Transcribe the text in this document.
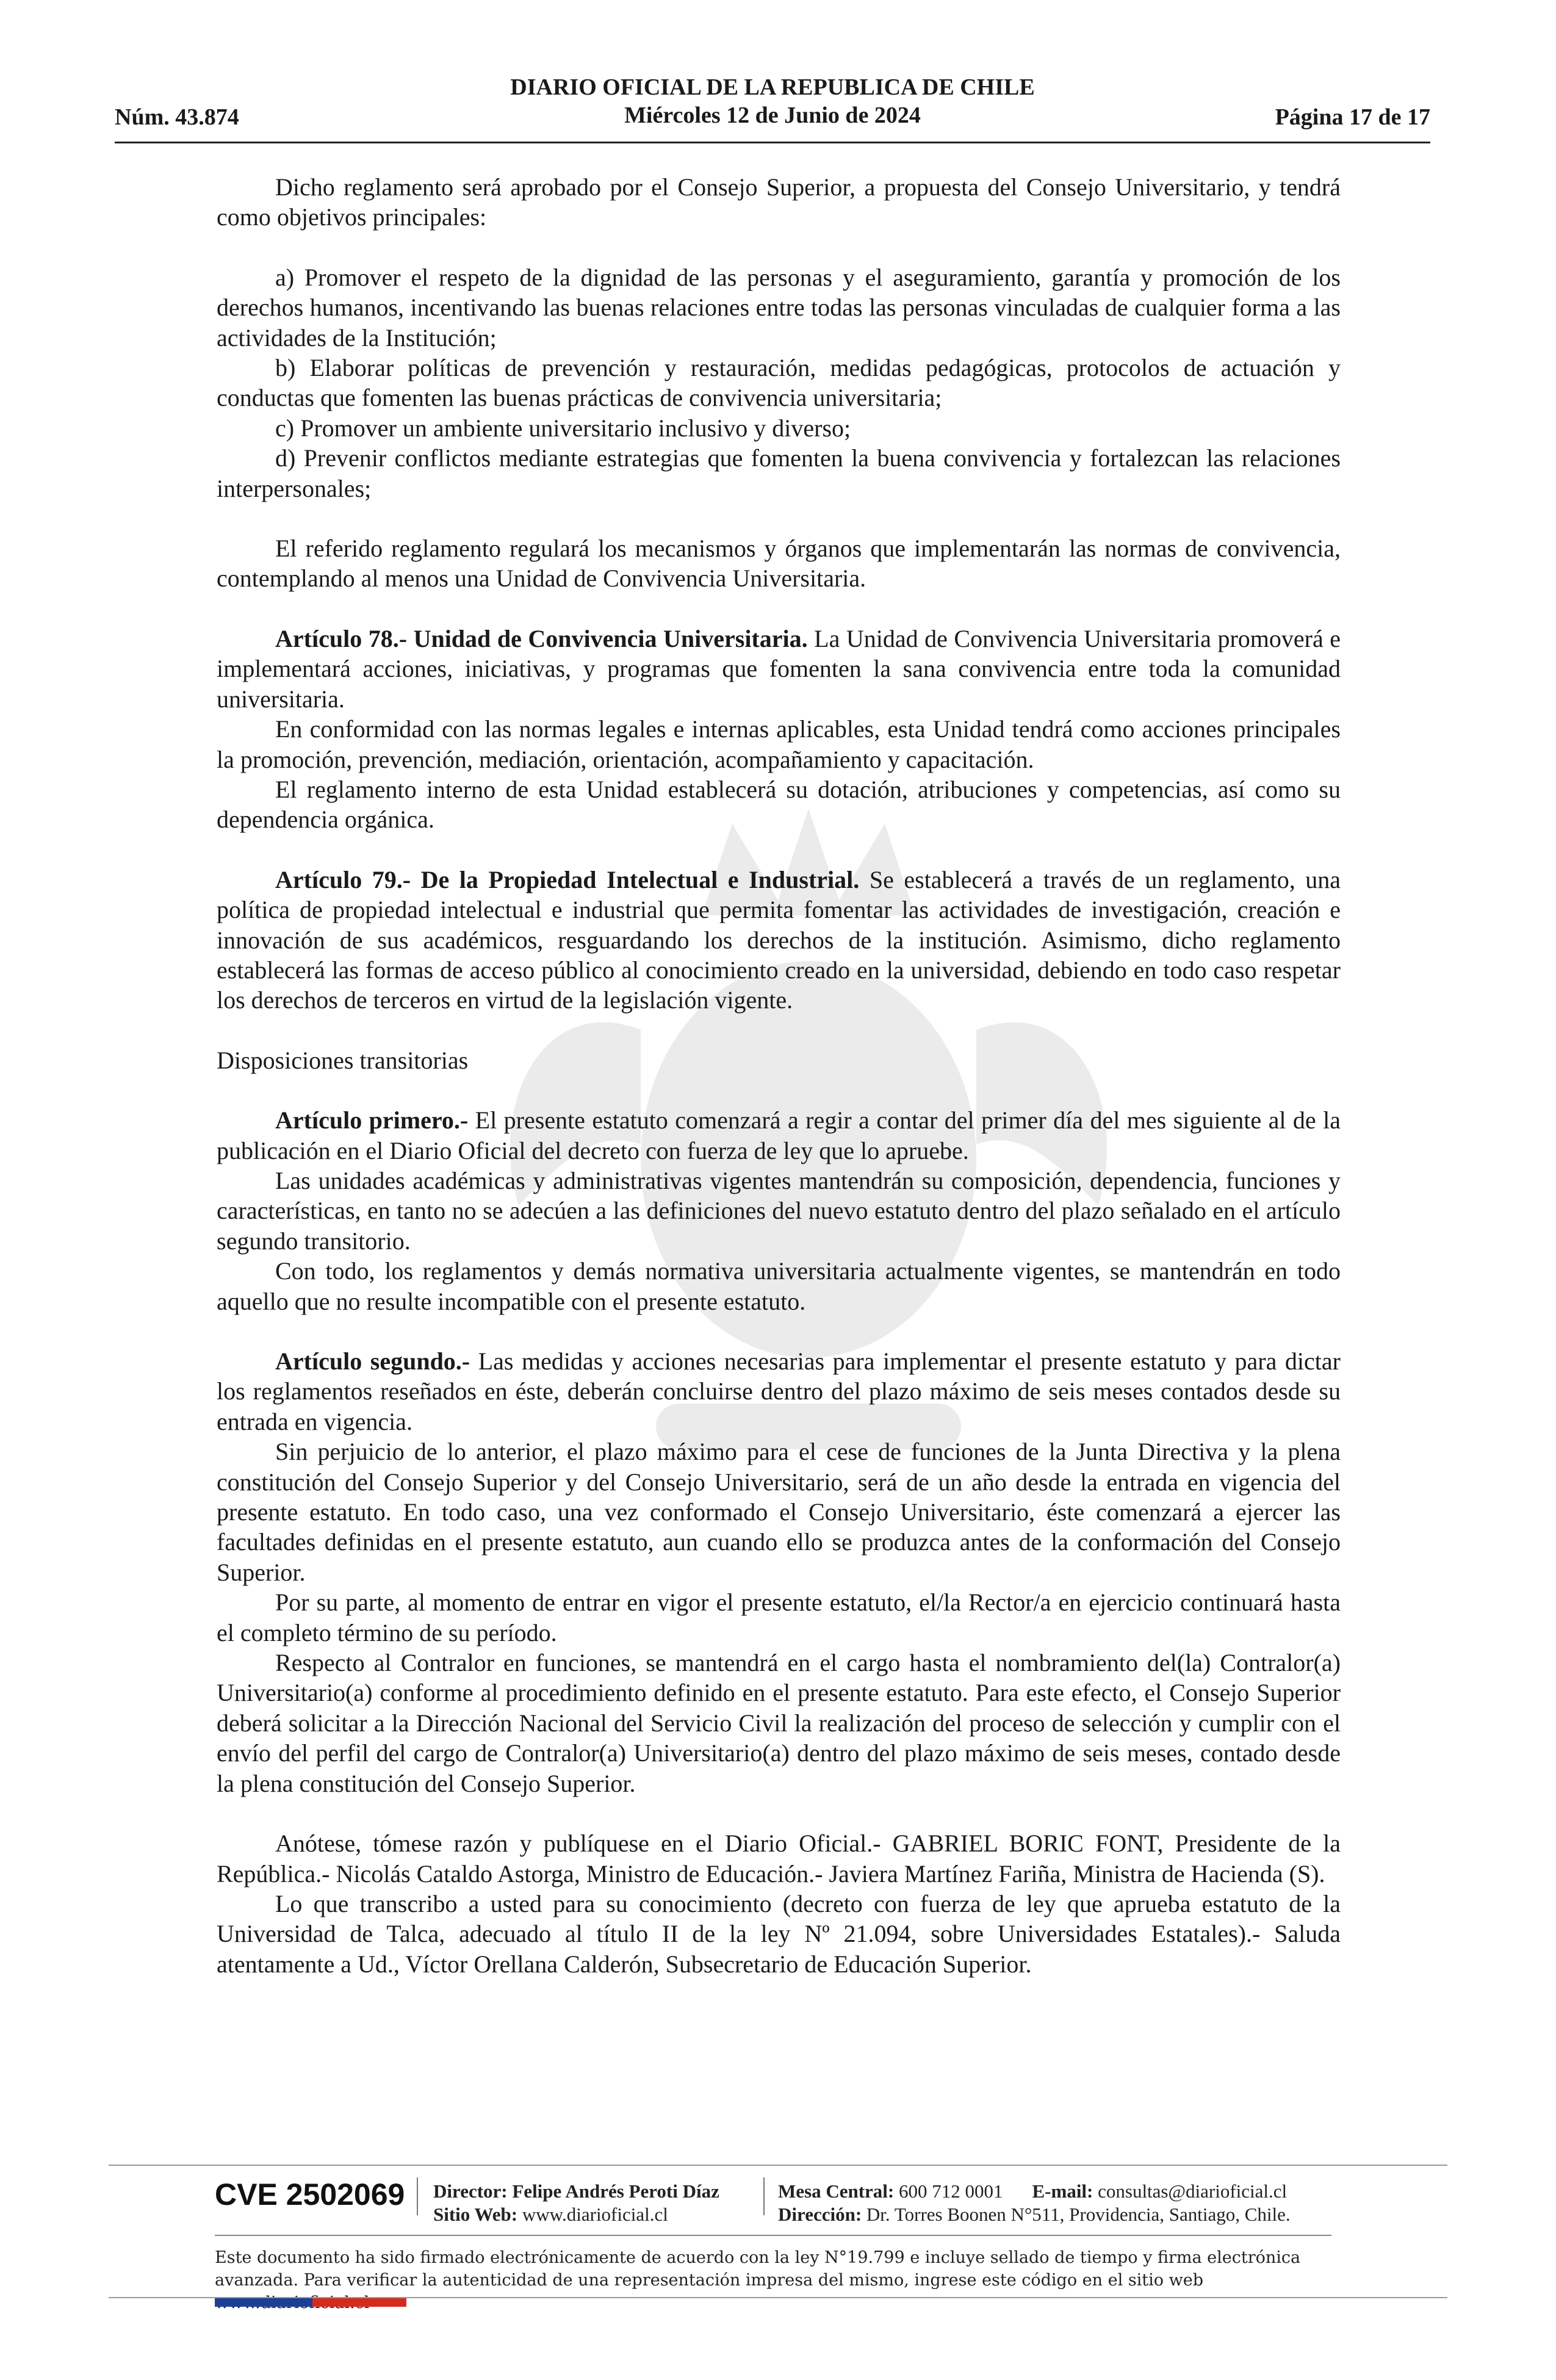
Núm. 43.874
DIARIO OFICIAL DE LA REPUBLICA DE CHILE
Miércoles 12 de Junio de 2024	Página 17 de 17

Dicho reglamento será aprobado por el Consejo Superior, a propuesta del Consejo Universitario, y tendrá como objetivos principales:

a) Promover el respeto de la dignidad de las personas y el aseguramiento, garantía y promoción de los derechos humanos, incentivando las buenas relaciones entre todas las personas vinculadas de cualquier forma a las actividades de la Institución;

b) Elaborar políticas de prevención y restauración, medidas pedagógicas, protocolos de actuación y conductas que fomenten las buenas prácticas de convivencia universitaria;

c) Promover un ambiente universitario inclusivo y diverso;

d) Prevenir conflictos mediante estrategias que fomenten la buena convivencia y fortalezcan las relaciones interpersonales;

El referido reglamento regulará los mecanismos y órganos que implementarán las normas de convivencia, contemplando al menos una Unidad de Convivencia Universitaria.

Artículo 78.- Unidad de Convivencia Universitaria. La Unidad de Convivencia Universitaria promoverá e implementará acciones, iniciativas, y programas que fomenten la sana convivencia entre toda la comunidad universitaria.

En conformidad con las normas legales e internas aplicables, esta Unidad tendrá como acciones principales la promoción, prevención, mediación, orientación, acompañamiento y capacitación.

El reglamento interno de esta Unidad establecerá su dotación, atribuciones y competencias, así como su dependencia orgánica.

Artículo 79.- De la Propiedad Intelectual e Industrial. Se establecerá a través de un reglamento, una política de propiedad intelectual e industrial que permita fomentar las actividades de investigación, creación e innovación de sus académicos, resguardando los derechos de la institución. Asimismo, dicho reglamento establecerá las formas de acceso público al conocimiento creado en la universidad, debiendo en todo caso respetar los derechos de terceros en virtud de la legislación vigente.

Disposiciones transitorias

Artículo primero.- El presente estatuto comenzará a regir a contar del primer día del mes siguiente al de la publicación en el Diario Oficial del decreto con fuerza de ley que lo apruebe.

Las unidades académicas y administrativas vigentes mantendrán su composición, dependencia, funciones y características, en tanto no se adecúen a las definiciones del nuevo estatuto dentro del plazo señalado en el artículo segundo transitorio.

Con todo, los reglamentos y demás normativa universitaria actualmente vigentes, se mantendrán en todo aquello que no resulte incompatible con el presente estatuto.

Artículo segundo.- Las medidas y acciones necesarias para implementar el presente estatuto y para dictar los reglamentos reseñados en éste, deberán concluirse dentro del plazo máximo de seis meses contados desde su entrada en vigencia.

Sin perjuicio de lo anterior, el plazo máximo para el cese de funciones de la Junta Directiva y la plena constitución del Consejo Superior y del Consejo Universitario, será de un año desde la entrada en vigencia del presente estatuto. En todo caso, una vez conformado el Consejo Universitario, éste comenzará a ejercer las facultades definidas en el presente estatuto, aun cuando ello se produzca antes de la conformación del Consejo Superior.

Por su parte, al momento de entrar en vigor el presente estatuto, el/la Rector/a en ejercicio continuará hasta el completo término de su período.

Respecto al Contralor en funciones, se mantendrá en el cargo hasta el nombramiento del(la) Contralor(a) Universitario(a) conforme al procedimiento definido en el presente estatuto. Para este efecto, el Consejo Superior deberá solicitar a la Dirección Nacional del Servicio Civil la realización del proceso de selección y cumplir con el envío del perfil del cargo de Contralor(a) Universitario(a) dentro del plazo máximo de seis meses, contado desde la plena constitución del Consejo Superior.

Anótese, tómese razón y publíquese en el Diario Oficial.- GABRIEL BORIC FONT, Presidente de la República.- Nicolás Cataldo Astorga, Ministro de Educación.- Javiera Martínez Fariña, Ministra de Hacienda (S).

Lo que transcribo a usted para su conocimiento (decreto con fuerza de ley que aprueba estatuto de la Universidad de Talca, adecuado al título II de la ley Nº 21.094, sobre Universidades Estatales).- Saluda atentamente a Ud., Víctor Orellana Calderón, Subsecretario de Educación Superior.

CVE 2502069 Director: Felipe Andrés Peroti Díaz
Sitio Web: www.diarioficial.cl
Mesa Central: 600 712 0001 E-mail: consultas@diarioficial.cl
Dirección: Dr. Torres Boonen N°511, Providencia, Santiago, Chile.
Este documento ha sido firmado electrónicamente de acuerdo con la ley N°19.799 e incluye sellado de tiempo y firma electrónica avanzada. Para verificar la autenticidad de una representación impresa del mismo, ingrese este código en el sitio web
